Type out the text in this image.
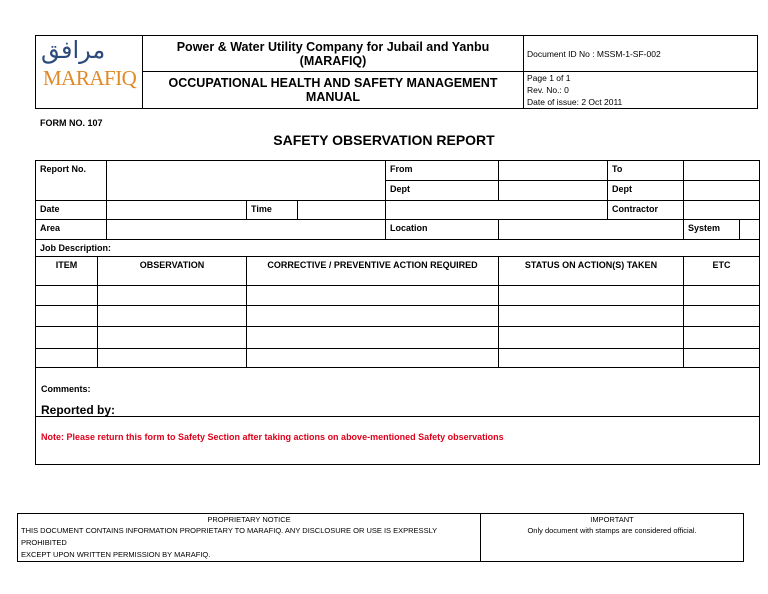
مرافق
MARAFIQ	Power & Water Utility Company for Jubail and Yanbu (MARAFIQ)	Document ID No : MSSM-1-SF-002
	OCCUPATIONAL HEALTH AND SAFETY MANAGEMENT MANUAL	Page 1 of 1
Rev. No.: 0
Date of issue: 2 Oct 2011
FORM NO. 107
SAFETY OBSERVATION REPORT
Report No.					From		To		
					Dept		Dept		
Date			Time				Contractor		
Area					Location			System	
Job Description:									
ITEM	OBSERVATION		CORRECTIVE / PREVENTIVE ACTION REQUIRED			STATUS ON ACTION(S) TAKEN		ETC	

Comments:
Reported by:
Note: Please return this form to Safety Section after taking actions on above-mentioned Safety observations
PROPRIETARY NOTICE
THIS DOCUMENT CONTAINS INFORMATION PROPRIETARY TO MARAFIQ. ANY DISCLOSURE OR USE IS EXPRESSLY PROHIBITED
EXCEPT UPON WRITTEN PERMISSION BY MARAFIQ.

IMPORTANT
Only document with stamps are considered official.
